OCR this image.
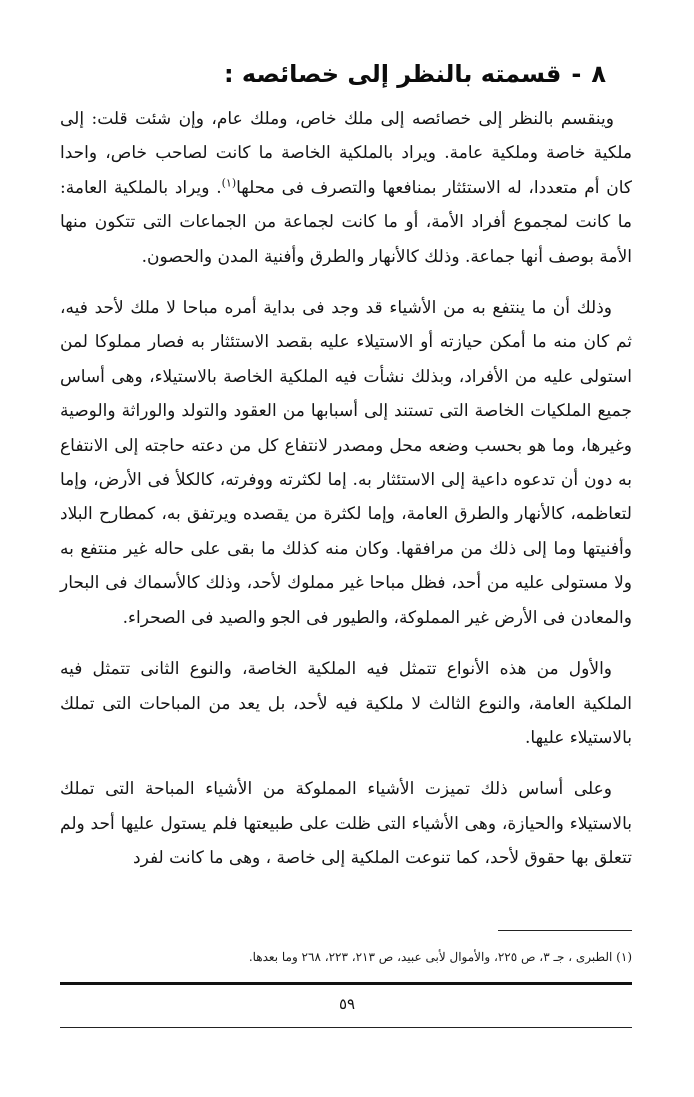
٨-قسمته بالنظر إلى خصائصه :

وينقسم بالنظر إلى خصائصه إلى ملك خاص، وملك عام، وإن شئت قلت: إلى ملكية خاصة وملكية عامة. ويراد بالملكية الخاصة ما كانت لصاحب خاص، واحدا كان أم متعددا، له الاستئثار بمنافعها والتصرف فى محلها$^{(١)}$. ويراد بالملكية العامة: ما كانت لمجموع أفراد الأمة، أو ما كانت لجماعة من الجماعات التى تتكون منها الأمة بوصف أنها جماعة. وذلك كالأنهار والطرق وأفنية المدن والحصون.

وذلك أن ما ينتفع به من الأشياء قد وجد فى بداية أمره مباحا لا ملك لأحد فيه، ثم كان منه ما أمكن حيازته أو الاستيلاء عليه بقصد الاستئثار به فصار مملوكا لمن استولى عليه من الأفراد، وبذلك نشأت فيه الملكية الخاصة بالاستيلاء، وهى أساس جميع الملكيات الخاصة التى تستند إلى أسبابها من العقود والتولد والوراثة والوصية وغيرها، وما هو بحسب وضعه محل ومصدر لانتفاع كل من دعته حاجته إلى الانتفاع به دون أن تدعوه داعية إلى الاستئثار به. إما لكثرته ووفرته، كالكلأ فى الأرض، وإما لتعاظمه، كالأنهار والطرق العامة، وإما لكثرة من يقصده ويرتفق به، كمطارح البلاد وأفنيتها وما إلى ذلك من مرافقها. وكان منه كذلك ما بقى على حاله غير منتفع به ولا مستولى عليه من أحد، فظل مباحا غير مملوك لأحد، وذلك كالأسماك فى البحار والمعادن فى الأرض غير المملوكة، والطيور فى الجو والصيد فى الصحراء.

والأول من هذه الأنواع تتمثل فيه الملكية الخاصة، والنوع الثانى تتمثل فيه الملكية العامة، والنوع الثالث لا ملكية فيه لأحد، بل يعد من المباحات التى تملك بالاستيلاء عليها.

وعلى أساس ذلك تميزت الأشياء المملوكة من الأشياء المباحة التى تملك بالاستيلاء والحيازة، وهى الأشياء التى ظلت على طبيعتها فلم يستول عليها أحد ولم تتعلق بها حقوق لأحد، كما تنوعت الملكية إلى خاصة ، وهى ما كانت لفرد

(١) الطبرى ، جـ ٣، ص ٢٢٥، والأموال لأبى عبيد، ص ٢١٣، ٢٢٣، ٢٦٨ وما بعدها.
٥٩
